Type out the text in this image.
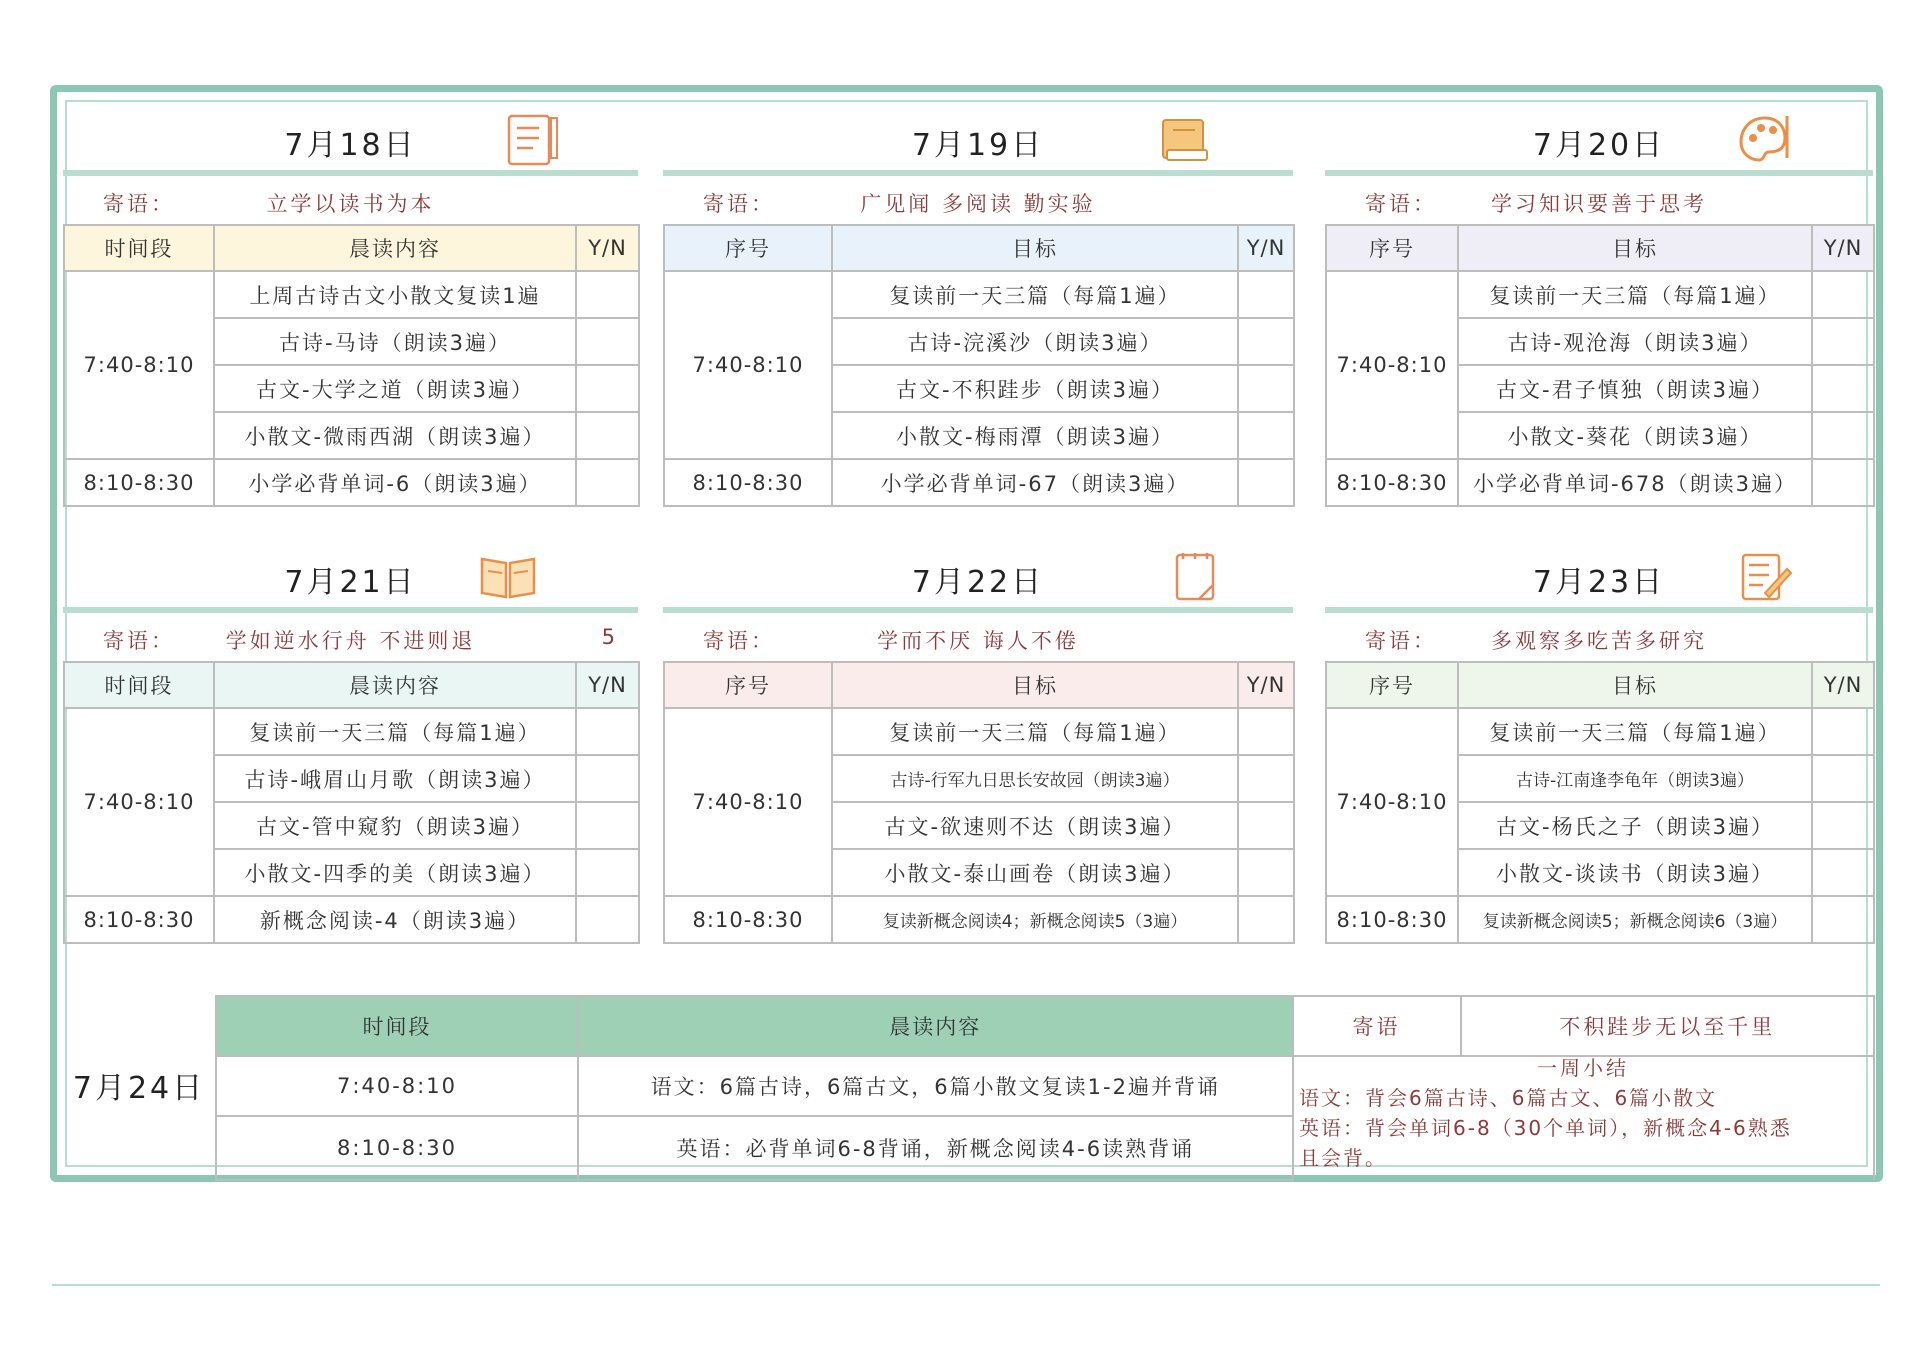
7月18日
寄语：	立学以读书为本
时间段	晨读内容	Y/N
7:40-8:10	上周古诗古文小散文复读1遍	
	古诗-马诗（朗读3遍）	
	古文-大学之道（朗读3遍）	
	小散文-微雨西湖（朗读3遍）	
8:10-8:30	小学必背单词-6（朗读3遍）	
7月19日
寄语：	广见闻 多阅读 勤实验
序号	目标	Y/N
7:40-8:10	复读前一天三篇（每篇1遍）	
	古诗-浣溪沙（朗读3遍）	
	古文-不积跬步（朗读3遍）	
	小散文-梅雨潭（朗读3遍）	
8:10-8:30	小学必背单词-67（朗读3遍）	
7月20日
寄语：	学习知识要善于思考
序号	目标	Y/N
7:40-8:10	复读前一天三篇（每篇1遍）	
	古诗-观沧海（朗读3遍）	
	古文-君子慎独（朗读3遍）	
	小散文-葵花（朗读3遍）	
8:10-8:30	小学必背单词-678（朗读3遍）	
7月21日
寄语：	学如逆水行舟 不进则退	5
时间段	晨读内容	Y/N
7:40-8:10	复读前一天三篇（每篇1遍）	
	古诗-峨眉山月歌（朗读3遍）	
	古文-管中窥豹（朗读3遍）	
	小散文-四季的美（朗读3遍）	
8:10-8:30	新概念阅读-4（朗读3遍）	
7月22日
寄语：	学而不厌 诲人不倦
序号	目标	Y/N
7:40-8:10	复读前一天三篇（每篇1遍）	
	古诗-行军九日思长安故园（朗读3遍）	
	古文-欲速则不达（朗读3遍）	
	小散文-泰山画卷（朗读3遍）	
8:10-8:30	复读新概念阅读4；新概念阅读5（3遍）	
7月23日
寄语：	多观察多吃苦多研究
序号	目标	Y/N
7:40-8:10	复读前一天三篇（每篇1遍）	
	古诗-江南逢李龟年（朗读3遍）	
	古文-杨氏之子（朗读3遍）	
	小散文-谈读书（朗读3遍）	
8:10-8:30	复读新概念阅读5；新概念阅读6（3遍）	
7月24日
时间段	晨读内容	寄语	不积跬步无以至千里
7:40-8:10	语文：6篇古诗，6篇古文，6篇小散文复读1-2遍并背诵		
8:10-8:30	英语：必背单词6-8背诵，新概念阅读4-6读熟背诵		
一周小结
语文：背会6篇古诗、6篇古文、6篇小散文
英语：背会单词6-8（30个单词），新概念4-6熟悉
且会背。
